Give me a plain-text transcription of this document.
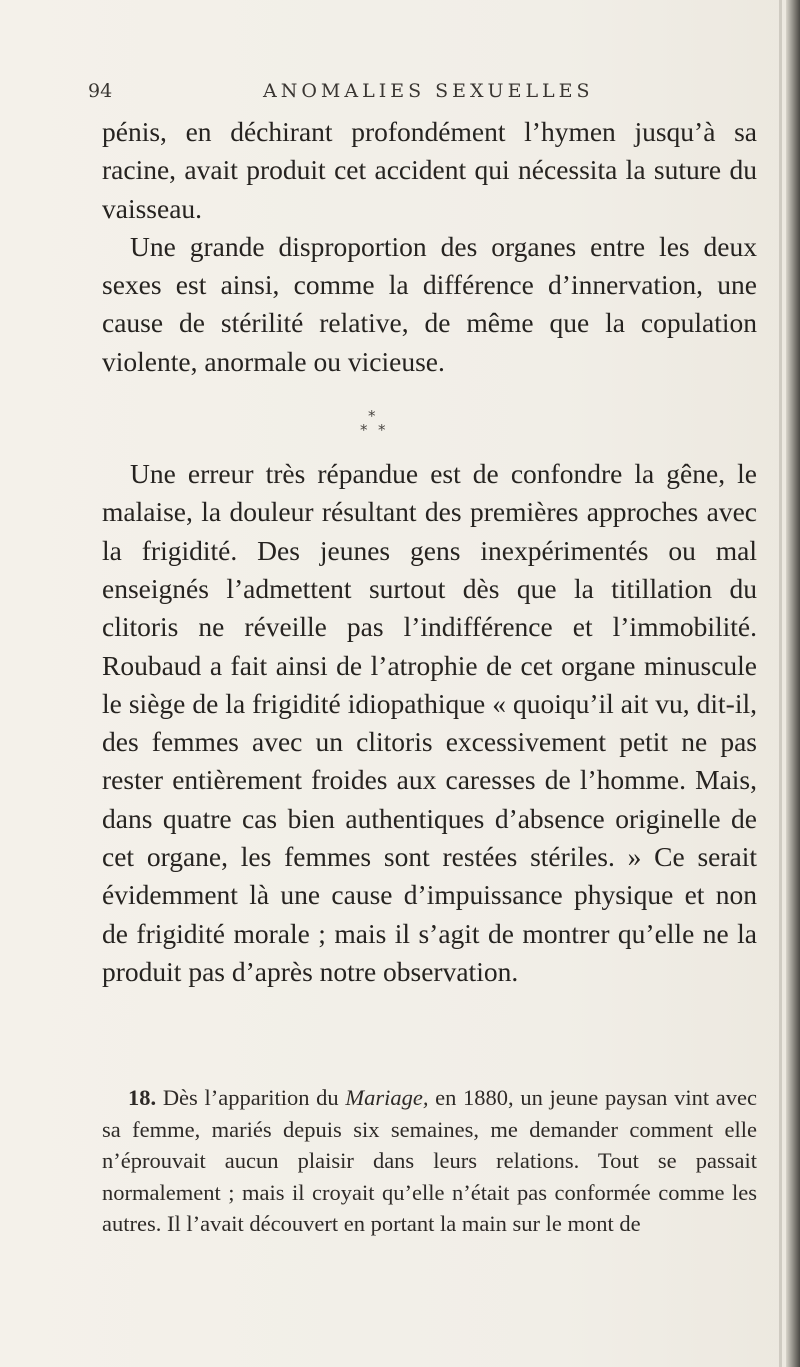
94	ANOMALIES SEXUELLES

pénis, en déchirant profondément l’hymen jusqu’à sa racine, avait produit cet accident qui nécessita la suture du vaisseau.

Une grande disproportion des organes entre les deux sexes est ainsi, comme la différence d’innervation, une cause de stérilité relative, de même que la copulation violente, anormale ou vicieuse.

*
* *

Une erreur très répandue est de confondre la gêne, le malaise, la douleur résultant des premières approches avec la frigidité. Des jeunes gens inexpérimentés ou mal enseignés l’admettent surtout dès que la titillation du clitoris ne réveille pas l’indifférence et l’immobilité. Roubaud a fait ainsi de l’atrophie de cet organe minuscule le siège de la frigidité idiopathique « quoiqu’il ait vu, dit-il, des femmes avec un clitoris excessivement petit ne pas rester entièrement froides aux caresses de l’homme. Mais, dans quatre cas bien authentiques d’absence originelle de cet organe, les femmes sont restées stériles. » Ce serait évidemment là une cause d’impuissance physique et non de frigidité morale ; mais il s’agit de montrer qu’elle ne la produit pas d’après notre observation.

18. Dès l’apparition du Mariage, en 1880, un jeune paysan vint avec sa femme, mariés depuis six semaines, me demander comment elle n’éprouvait aucun plaisir dans leurs relations. Tout se passait normalement ; mais il croyait qu’elle n’était pas conformée comme les autres. Il l’avait découvert en portant la main sur le mont de
